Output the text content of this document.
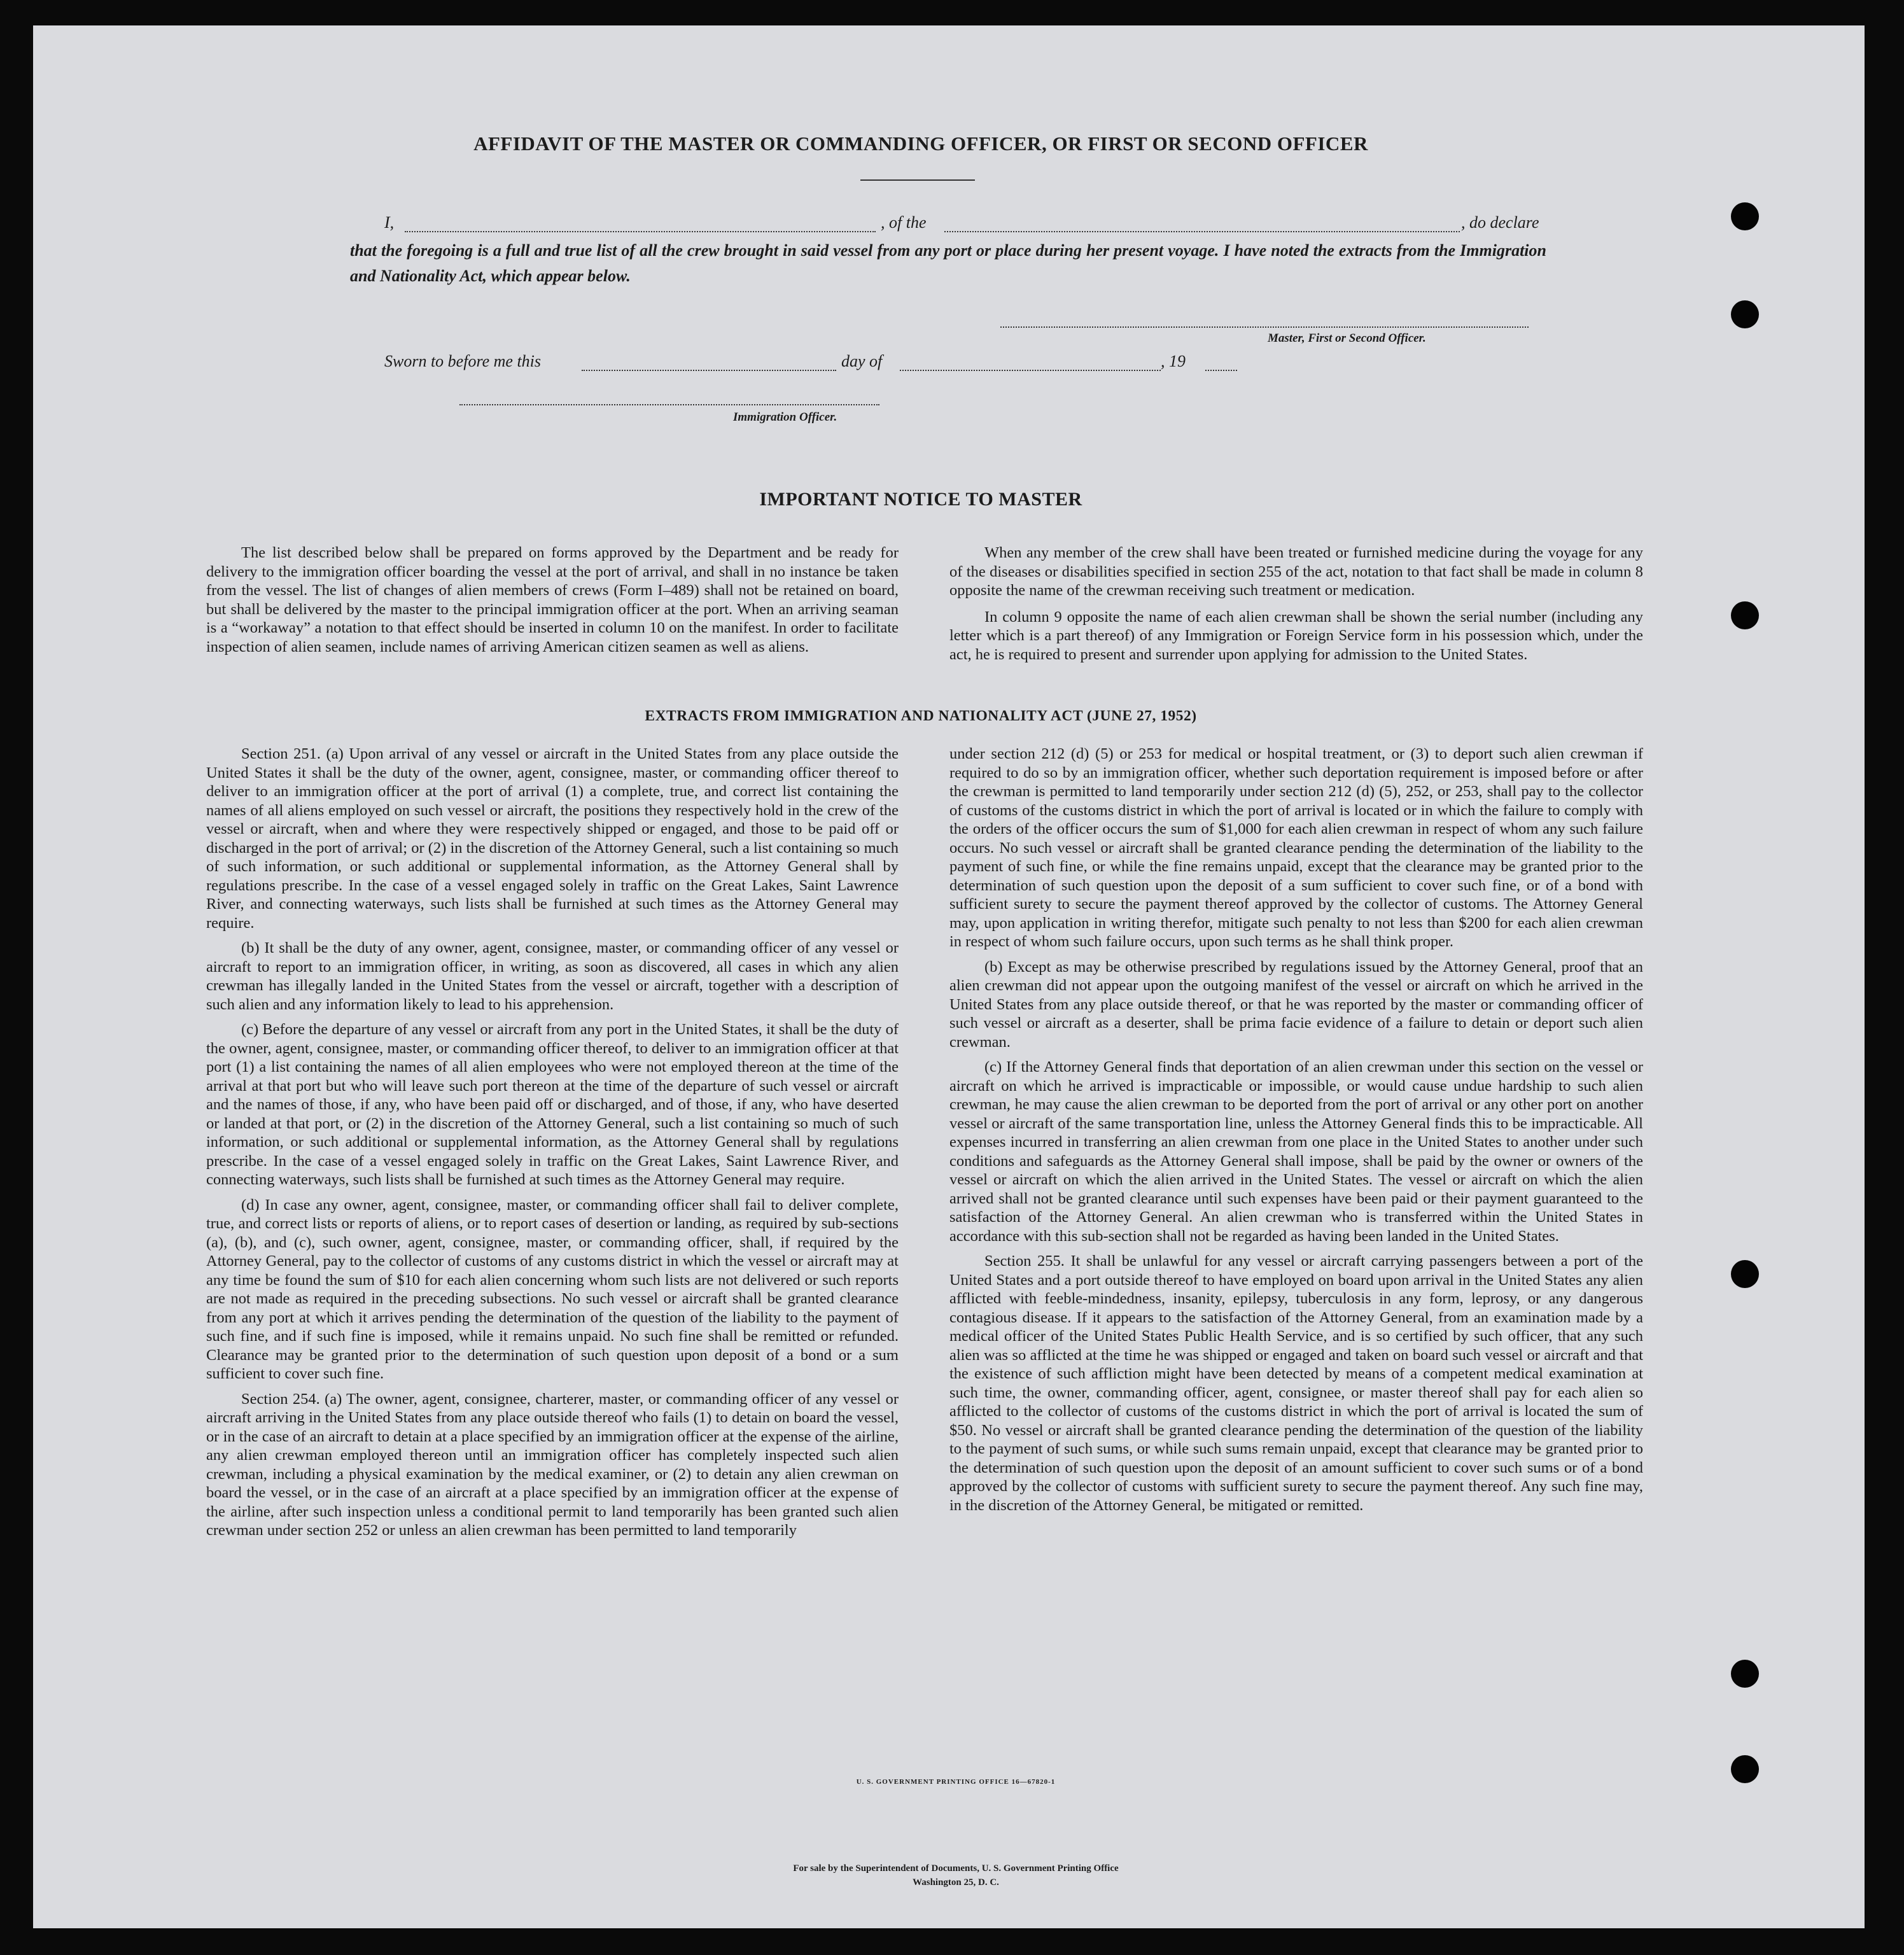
AFFIDAVIT OF THE MASTER OR COMMANDING OFFICER, OR FIRST OR SECOND OFFICER
I,	, of the	, do declare
that the foregoing is a full and true list of all the crew brought in said vessel from any port or place during her present voyage. I have noted the extracts from the Immigration and Nationality Act, which appear below.
Master, First or Second Officer.
Sworn to before me this	day of	, 19
Immigration Officer.
IMPORTANT NOTICE TO MASTER

The list described below shall be prepared on forms approved by the Department and be ready for delivery to the immigration officer boarding the vessel at the port of arrival, and shall in no instance be taken from the vessel. The list of changes of alien members of crews (Form I–489) shall not be retained on board, but shall be delivered by the master to the principal immigration officer at the port. When an arriving seaman is a “workaway” a notation to that effect should be inserted in column 10 on the manifest. In order to facilitate inspection of alien seamen, include names of arriving American citizen seamen as well as aliens.

When any member of the crew shall have been treated or furnished medicine during the voyage for any of the diseases or disabilities specified in section 255 of the act, notation to that fact shall be made in column 8 opposite the name of the crewman receiving such treatment or medication.

In column 9 opposite the name of each alien crewman shall be shown the serial number (including any letter which is a part thereof) of any Immigration or Foreign Service form in his possession which, under the act, he is required to present and surrender upon applying for admission to the United States.

EXTRACTS FROM IMMIGRATION AND NATIONALITY ACT (JUNE 27, 1952)

Section 251. (a) Upon arrival of any vessel or aircraft in the United States from any place outside the United States it shall be the duty of the owner, agent, consignee, master, or commanding officer thereof to deliver to an immigration officer at the port of arrival (1) a complete, true, and correct list containing the names of all aliens employed on such vessel or aircraft, the positions they respectively hold in the crew of the vessel or aircraft, when and where they were respectively shipped or engaged, and those to be paid off or discharged in the port of arrival; or (2) in the discretion of the Attorney General, such a list containing so much of such information, or such additional or supplemental information, as the Attorney General shall by regulations prescribe. In the case of a vessel engaged solely in traffic on the Great Lakes, Saint Lawrence River, and connecting waterways, such lists shall be furnished at such times as the Attorney General may require.

(b) It shall be the duty of any owner, agent, consignee, master, or commanding officer of any vessel or aircraft to report to an immigration officer, in writing, as soon as discovered, all cases in which any alien crewman has illegally landed in the United States from the vessel or aircraft, together with a description of such alien and any information likely to lead to his apprehension.

(c) Before the departure of any vessel or aircraft from any port in the United States, it shall be the duty of the owner, agent, consignee, master, or commanding officer thereof, to deliver to an immigration officer at that port (1) a list containing the names of all alien employees who were not employed thereon at the time of the arrival at that port but who will leave such port thereon at the time of the departure of such vessel or aircraft and the names of those, if any, who have been paid off or discharged, and of those, if any, who have deserted or landed at that port, or (2) in the discretion of the Attorney General, such a list containing so much of such information, or such additional or supplemental information, as the Attorney General shall by regulations prescribe. In the case of a vessel engaged solely in traffic on the Great Lakes, Saint Lawrence River, and connecting waterways, such lists shall be furnished at such times as the Attorney General may require.

(d) In case any owner, agent, consignee, master, or commanding officer shall fail to deliver complete, true, and correct lists or reports of aliens, or to report cases of desertion or landing, as required by sub-sections (a), (b), and (c), such owner, agent, consignee, master, or commanding officer, shall, if required by the Attorney General, pay to the collector of customs of any customs district in which the vessel or aircraft may at any time be found the sum of $10 for each alien concerning whom such lists are not delivered or such reports are not made as required in the preceding subsections. No such vessel or aircraft shall be granted clearance from any port at which it arrives pending the determination of the question of the liability to the payment of such fine, and if such fine is imposed, while it remains unpaid. No such fine shall be remitted or refunded. Clearance may be granted prior to the determination of such question upon deposit of a bond or a sum sufficient to cover such fine.

Section 254. (a) The owner, agent, consignee, charterer, master, or commanding officer of any vessel or aircraft arriving in the United States from any place outside thereof who fails (1) to detain on board the vessel, or in the case of an aircraft to detain at a place specified by an immigration officer at the expense of the airline, any alien crewman employed thereon until an immigration officer has completely inspected such alien crewman, including a physical examination by the medical examiner, or (2) to detain any alien crewman on board the vessel, or in the case of an aircraft at a place specified by an immigration officer at the expense of the airline, after such inspection unless a conditional permit to land temporarily has been granted such alien crewman under section 252 or unless an alien crewman has been permitted to land temporarily

under section 212 (d) (5) or 253 for medical or hospital treatment, or (3) to deport such alien crewman if required to do so by an immigration officer, whether such deportation requirement is imposed before or after the crewman is permitted to land temporarily under section 212 (d) (5), 252, or 253, shall pay to the collector of customs of the customs district in which the port of arrival is located or in which the failure to comply with the orders of the officer occurs the sum of $1,000 for each alien crewman in respect of whom any such failure occurs. No such vessel or aircraft shall be granted clearance pending the determination of the liability to the payment of such fine, or while the fine remains unpaid, except that the clearance may be granted prior to the determination of such question upon the deposit of a sum sufficient to cover such fine, or of a bond with sufficient surety to secure the payment thereof approved by the collector of customs. The Attorney General may, upon application in writing therefor, mitigate such penalty to not less than $200 for each alien crewman in respect of whom such failure occurs, upon such terms as he shall think proper.

(b) Except as may be otherwise prescribed by regulations issued by the Attorney General, proof that an alien crewman did not appear upon the outgoing manifest of the vessel or aircraft on which he arrived in the United States from any place outside thereof, or that he was reported by the master or commanding officer of such vessel or aircraft as a deserter, shall be prima facie evidence of a failure to detain or deport such alien crewman.

(c) If the Attorney General finds that deportation of an alien crewman under this section on the vessel or aircraft on which he arrived is impracticable or impossible, or would cause undue hardship to such alien crewman, he may cause the alien crewman to be deported from the port of arrival or any other port on another vessel or aircraft of the same transportation line, unless the Attorney General finds this to be impracticable. All expenses incurred in transferring an alien crewman from one place in the United States to another under such conditions and safeguards as the Attorney General shall impose, shall be paid by the owner or owners of the vessel or aircraft on which the alien arrived in the United States. The vessel or aircraft on which the alien arrived shall not be granted clearance until such expenses have been paid or their payment guaranteed to the satisfaction of the Attorney General. An alien crewman who is transferred within the United States in accordance with this sub-section shall not be regarded as having been landed in the United States.

Section 255. It shall be unlawful for any vessel or aircraft carrying passengers between a port of the United States and a port outside thereof to have employed on board upon arrival in the United States any alien afflicted with feeble-mindedness, insanity, epilepsy, tuberculosis in any form, leprosy, or any dangerous contagious disease. If it appears to the satisfaction of the Attorney General, from an examination made by a medical officer of the United States Public Health Service, and is so certified by such officer, that any such alien was so afflicted at the time he was shipped or engaged and taken on board such vessel or aircraft and that the existence of such affliction might have been detected by means of a competent medical examination at such time, the owner, commanding officer, agent, consignee, or master thereof shall pay for each alien so afflicted to the collector of customs of the customs district in which the port of arrival is located the sum of $50. No vessel or aircraft shall be granted clearance pending the determination of the question of the liability to the payment of such sums, or while such sums remain unpaid, except that clearance may be granted prior to the determination of such question upon the deposit of an amount sufficient to cover such sums or of a bond approved by the collector of customs with sufficient surety to secure the payment thereof. Any such fine may, in the discretion of the Attorney General, be mitigated or remitted.

U. S. GOVERNMENT PRINTING OFFICE 16—67820-1
For sale by the Superintendent of Documents, U. S. Government Printing Office
Washington 25, D. C.
